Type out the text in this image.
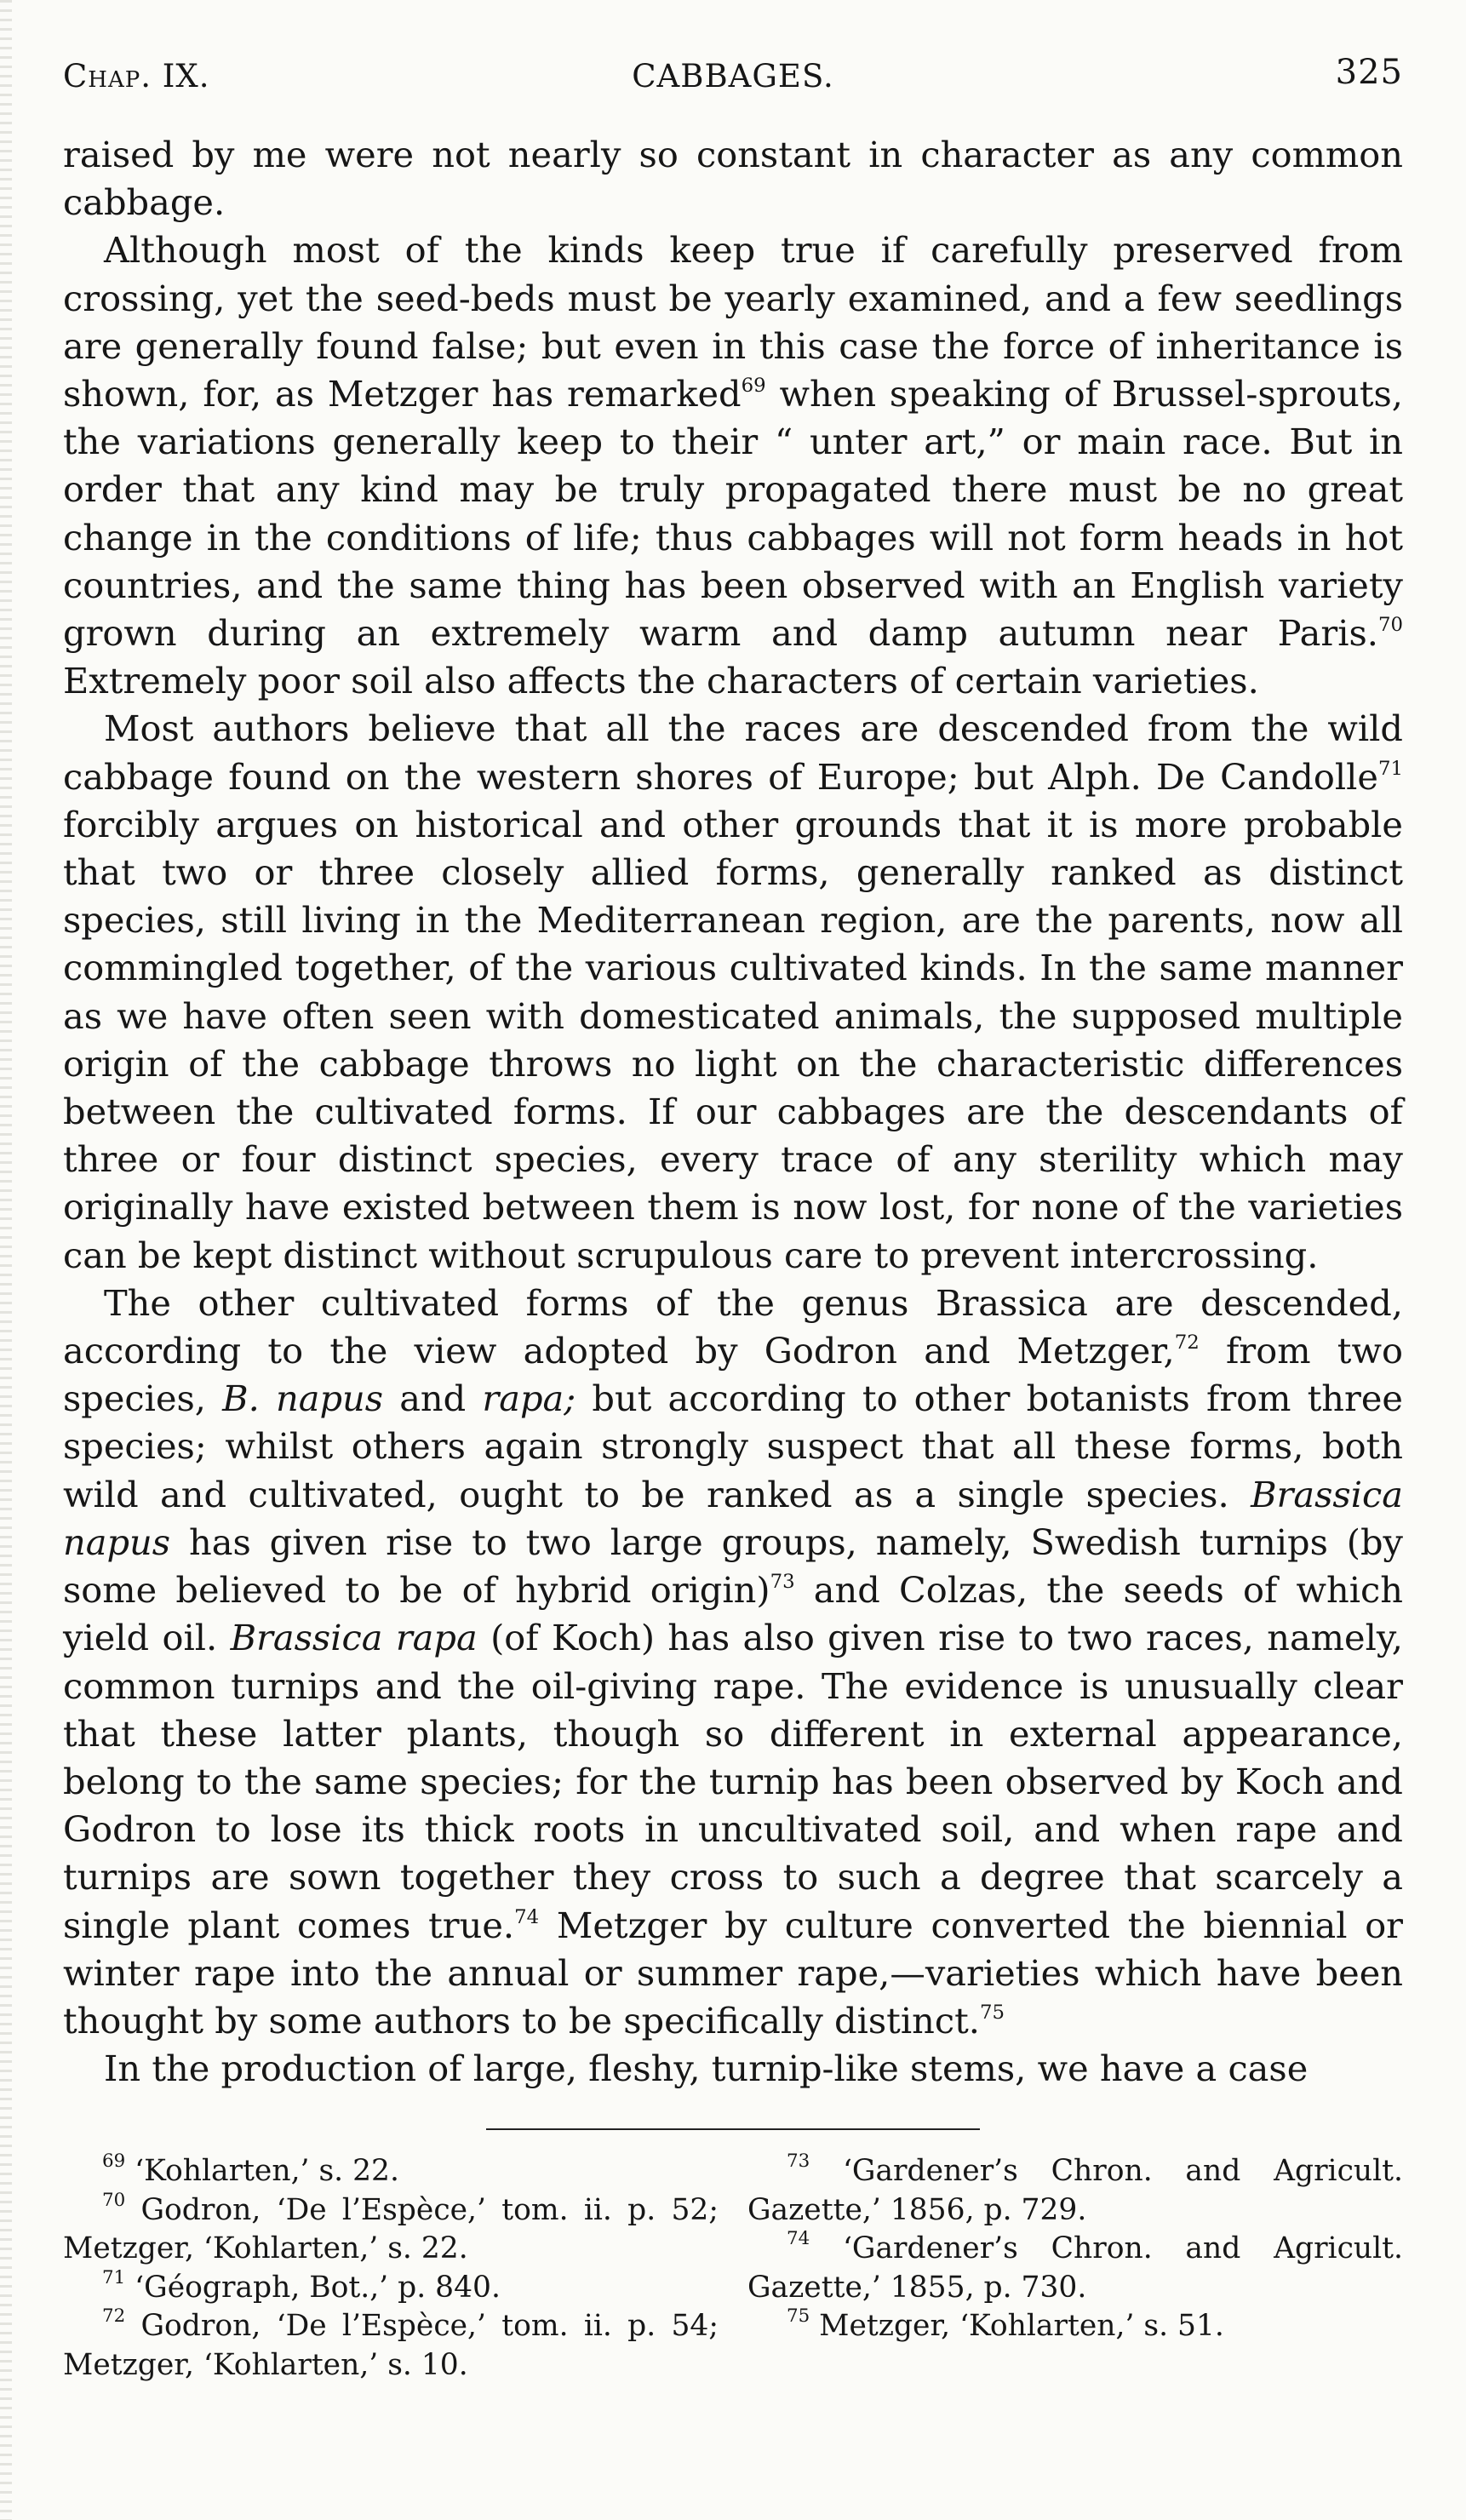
Chap. IX.	CABBAGES.	325

raised by me were not nearly so constant in character as any common cabbage.

Although most of the kinds keep true if carefully preserved from crossing, yet the seed-beds must be yearly examined, and a few seedlings are generally found false; but even in this case the force of inheritance is shown, for, as Metzger has remarked$^{69}$ when speaking of Brussel-sprouts, the variations generally keep to their “ unter art,” or main race. But in order that any kind may be truly propagated there must be no great change in the conditions of life; thus cabbages will not form heads in hot countries, and the same thing has been observed with an English variety grown during an extremely warm and damp autumn near Paris.$^{70}$ Extremely poor soil also affects the characters of certain varieties.

Most authors believe that all the races are descended from the wild cabbage found on the western shores of Europe; but Alph. De Candolle$^{71}$ forcibly argues on historical and other grounds that it is more probable that two or three closely allied forms, generally ranked as distinct species, still living in the Mediterranean region, are the parents, now all commingled together, of the various cultivated kinds. In the same manner as we have often seen with domesticated animals, the supposed multiple origin of the cabbage throws no light on the characteristic differences between the cultivated forms. If our cabbages are the descendants of three or four distinct species, every trace of any sterility which may originally have existed between them is now lost, for none of the varieties can be kept distinct without scrupulous care to prevent intercrossing.

The other cultivated forms of the genus Brassica are descended, according to the view adopted by Godron and Metzger,$^{72}$ from two species, B. napus and rapa; but according to other botanists from three species; whilst others again strongly suspect that all these forms, both wild and cultivated, ought to be ranked as a single species. Brassica napus has given rise to two large groups, namely, Swedish turnips (by some believed to be of hybrid origin)$^{73}$ and Colzas, the seeds of which yield oil. Brassica rapa (of Koch) has also given rise to two races, namely, common turnips and the oil-giving rape. The evidence is unusually clear that these latter plants, though so different in external appearance, belong to the same species; for the turnip has been observed by Koch and Godron to lose its thick roots in uncultivated soil, and when rape and turnips are sown together they cross to such a degree that scarcely a single plant comes true.$^{74}$ Metzger by culture converted the biennial or winter rape into the annual or summer rape,—varieties which have been thought by some authors to be specifically distinct.$^{75}$

In the production of large, fleshy, turnip-like stems, we have a case

$^{69}$ ‘Kohlarten,’ s. 22.
$^{70}$ Godron, ‘De l’Espèce,’ tom. ii. p. 52; Metzger, ‘Kohlarten,’ s. 22.
$^{71}$ ‘Géograph, Bot.,’ p. 840.
$^{72}$ Godron, ‘De l’Espèce,’ tom. ii. p. 54; Metzger, ‘Kohlarten,’ s. 10.
$^{73}$ ‘Gardener’s Chron. and Agricult. Gazette,’ 1856, p. 729.
$^{74}$ ‘Gardener’s Chron. and Agricult. Gazette,’ 1855, p. 730.
$^{75}$ Metzger, ‘Kohlarten,’ s. 51.
